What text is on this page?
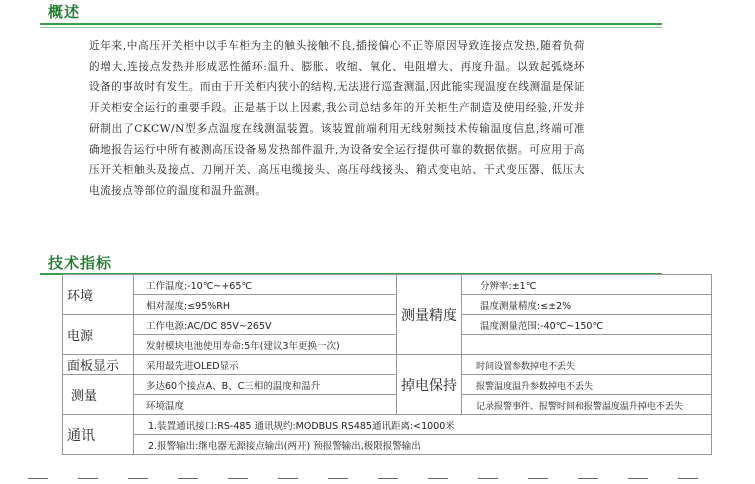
概述

近年来,中高压开关柜中以手车柜为主的触头接触不良,插接偏心不正等原因导致连接点发热,随着负荷的增大,连接点发热并形成恶性循环:温升、膨胀、收缩、氧化、电阻增大、再度升温。以致起弧烧坏设备的事故时有发生。而由于开关柜内狭小的结构,无法进行巡查测温,因此能实现温度在线测温是保证开关柜安全运行的重要手段。正是基于以上因素,我公司总结多年的开关柜生产制造及使用经验,开发并研制出了CKCW/N型多点温度在线测温装置。该装置前端利用无线射频技术传输温度信息,终端可准确地报告运行中所有被测高压设备易发热部件温升,为设备安全运行提供可靠的数据依据。可应用于高压开关柜触头及接点、刀闸开关、高压电缆接头、高压母线接头、箱式变电站、干式变压器、低压大电流接点等部位的温度和温升监测。

技术指标
环境	工作温度:-10℃~+65℃	测量精度	分辨率:±1℃
	相对湿度:≤95%RH		温度测量精度:≤±2%
电源	工作电源:AC/DC 85V~265V		温度测量范围:-40℃~150℃
	发射模块电池使用寿命:5年(建议3年更换一次)		
面板显示	采用最先进OLED显示	掉电保持	时间设置参数掉电不丢失
测量	多达60个接点A、B、C三相的温度和温升		报警温度温升参数掉电不丢失
	环境温度		记录报警事件、报警时间和报警温度温升掉电不丢失
通讯	1.装置通讯接口:RS-485 通讯规约:MODBUS RS485通讯距离:<1000米		
	2.报警输出:继电器无源接点输出(两开) 预报警输出,极限报警输出		
